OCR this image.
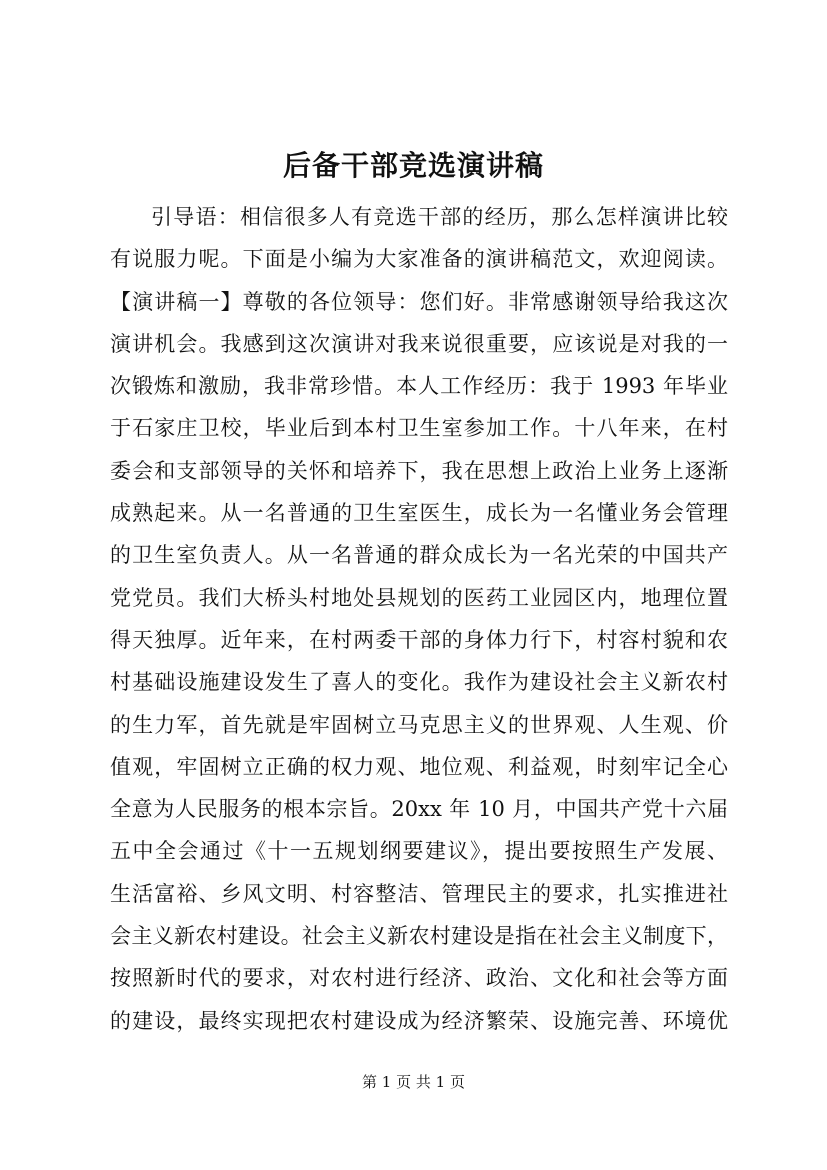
后备干部竞选演讲稿
引导语：相信很多人有竞选干部的经历，那么怎样演讲比较
有说服力呢。下面是小编为大家准备的演讲稿范文，欢迎阅读。
【演讲稿一】尊敬的各位领导：您们好。非常感谢领导给我这次
演讲机会。我感到这次演讲对我来说很重要，应该说是对我的一
次锻炼和激励，我非常珍惜。本人工作经历：我于 1993 年毕业
于石家庄卫校，毕业后到本村卫生室参加工作。十八年来，在村
委会和支部领导的关怀和培养下，我在思想上政治上业务上逐渐
成熟起来。从一名普通的卫生室医生，成长为一名懂业务会管理
的卫生室负责人。从一名普通的群众成长为一名光荣的中国共产
党党员。我们大桥头村地处县规划的医药工业园区内，地理位置
得天独厚。近年来，在村两委干部的身体力行下，村容村貌和农
村基础设施建设发生了喜人的变化。我作为建设社会主义新农村
的生力军，首先就是牢固树立马克思主义的世界观、人生观、价
值观，牢固树立正确的权力观、地位观、利益观，时刻牢记全心
全意为人民服务的根本宗旨。20xx 年 10 月，中国共产党十六届
五中全会通过《十一五规划纲要建议》，提出要按照生产发展、
生活富裕、乡风文明、村容整洁、管理民主的要求，扎实推进社
会主义新农村建设。社会主义新农村建设是指在社会主义制度下，
按照新时代的要求，对农村进行经济、政治、文化和社会等方面
的建设，最终实现把农村建设成为经济繁荣、设施完善、环境优
第 1 页 共 1 页
